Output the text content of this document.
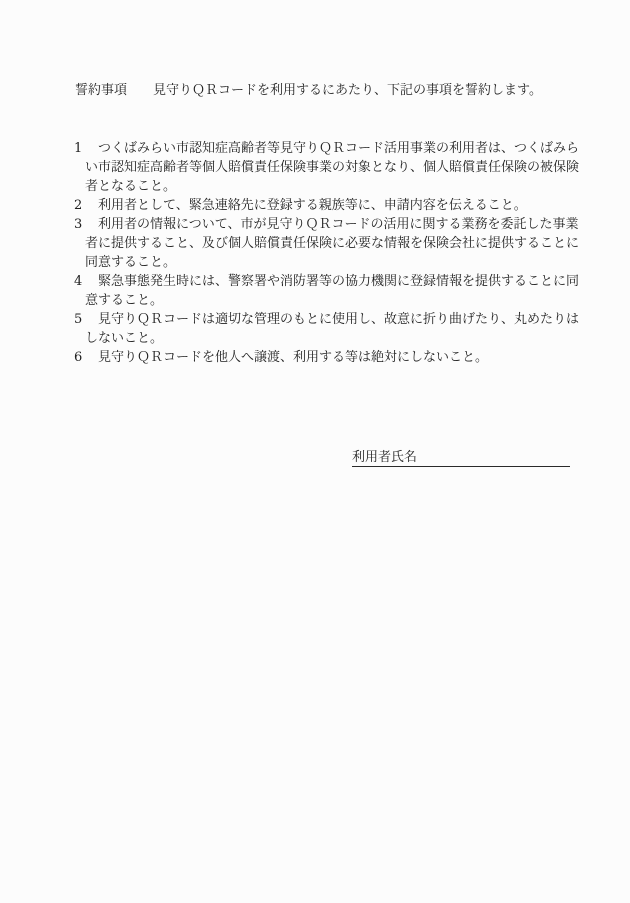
誓約事項 見守りＱＲコードを利用するにあたり、下記の事項を誓約します。
1 つくばみらい市認知症高齢者等見守りＱＲコード活用事業の利用者は、つくばみら
い市認知症高齢者等個人賠償責任保険事業の対象となり、個人賠償責任保険の被保険
者となること。
2 利用者として、緊急連絡先に登録する親族等に、申請内容を伝えること。
3 利用者の情報について、市が見守りＱＲコードの活用に関する業務を委託した事業
者に提供すること、及び個人賠償責任保険に必要な情報を保険会社に提供することに
同意すること。
4 緊急事態発生時には、警察署や消防署等の協力機関に登録情報を提供することに同
意すること。
5 見守りＱＲコードは適切な管理のもとに使用し、故意に折り曲げたり、丸めたりは
しないこと。
6 見守りＱＲコードを他人へ譲渡、利用する等は絶対にしないこと。
利用者氏名
